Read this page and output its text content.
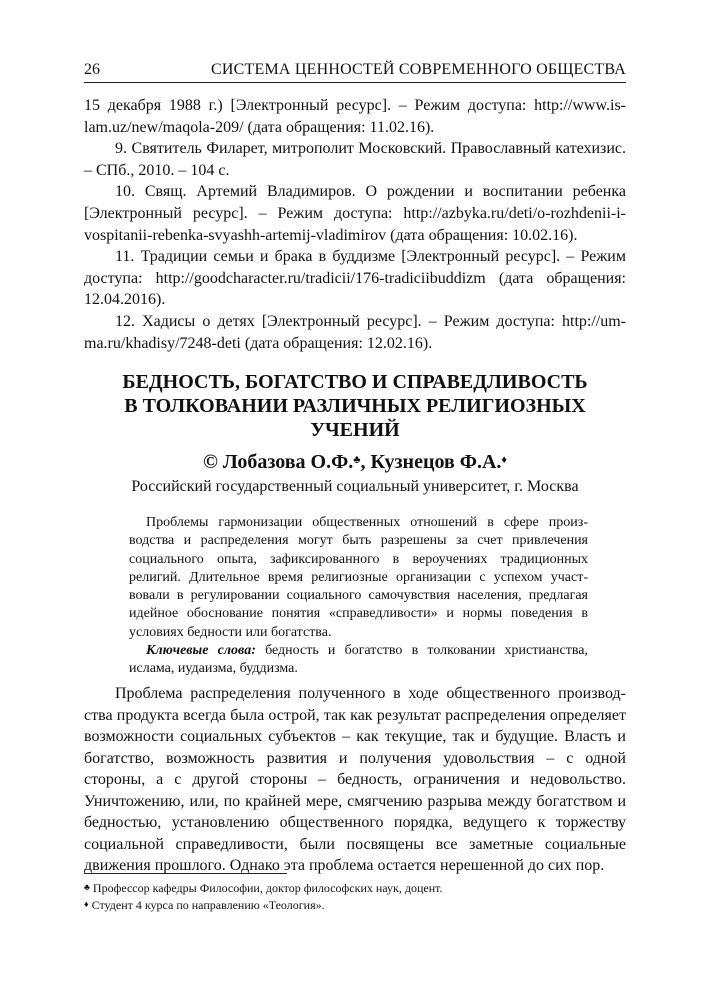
26	СИСТЕМА ЦЕННОСТЕЙ СОВРЕМЕННОГО ОБЩЕСТВА

15 декабря 1988 г.) [Электронный ресурс]. – Режим доступа: http://www.islam.uz/new/maqola-209/ (дата обращения: 11.02.16).

9. Святитель Филарет, митрополит Московский. Православный катехизис. – СПб., 2010. – 104 с.

10. Свящ. Артемий Владимиров. О рождении и воспитании ребенка [Электронный ресурс]. – Режим доступа: http://azbyka.ru/deti/o-rozhdenii-i-vospitanii-rebenka-svyashh-artemij-vladimirov (дата обращения: 10.02.16).

11. Традиции семьи и брака в буддизме [Электронный ресурс]. – Режим доступа: http://goodcharacter.ru/tradicii/176-tradiciibuddizm (дата обращения: 12.04.2016).

12. Хадисы о детях [Электронный ресурс]. – Режим доступа: http://umma.ru/khadisy/7248-deti (дата обращения: 12.02.16).

БЕДНОСТЬ, БОГАТСТВО И СПРАВЕДЛИВОСТЬ
В ТОЛКОВАНИИ РАЗЛИЧНЫХ РЕЛИГИОЗНЫХ
УЧЕНИЙ
© Лобазова О.Ф.♣, Кузнецов Ф.А.♦
Российский государственный социальный университет, г. Москва

Проблемы гармонизации общественных отношений в сфере производства и распределения могут быть разрешены за счет привлечения социального опыта, зафиксированного в вероучениях традиционных религий. Длительное время религиозные организации с успехом участвовали в регулировании социального самочувствия населения, предлагая идейное обоснование понятия «справедливости» и нормы поведения в условиях бедности или богатства.

Ключевые слова: бедность и богатство в толковании христианства, ислама, иудаизма, буддизма.

Проблема распределения полученного в ходе общественного производства продукта всегда была острой, так как результат распределения определяет возможности социальных субъектов – как текущие, так и будущие. Власть и богатство, возможность развития и получения удовольствия – с одной стороны, а с другой стороны – бедность, ограничения и недовольство. Уничтожению, или, по крайней мере, смягчению разрыва между богатством и бедностью, установлению общественного порядка, ведущего к торжеству социальной справедливости, были посвящены все заметные социальные движения прошлого. Однако эта проблема остается нерешенной до сих пор.

♣ Профессор кафедры Философии, доктор философских наук, доцент.
♦ Студент 4 курса по направлению «Теология».
